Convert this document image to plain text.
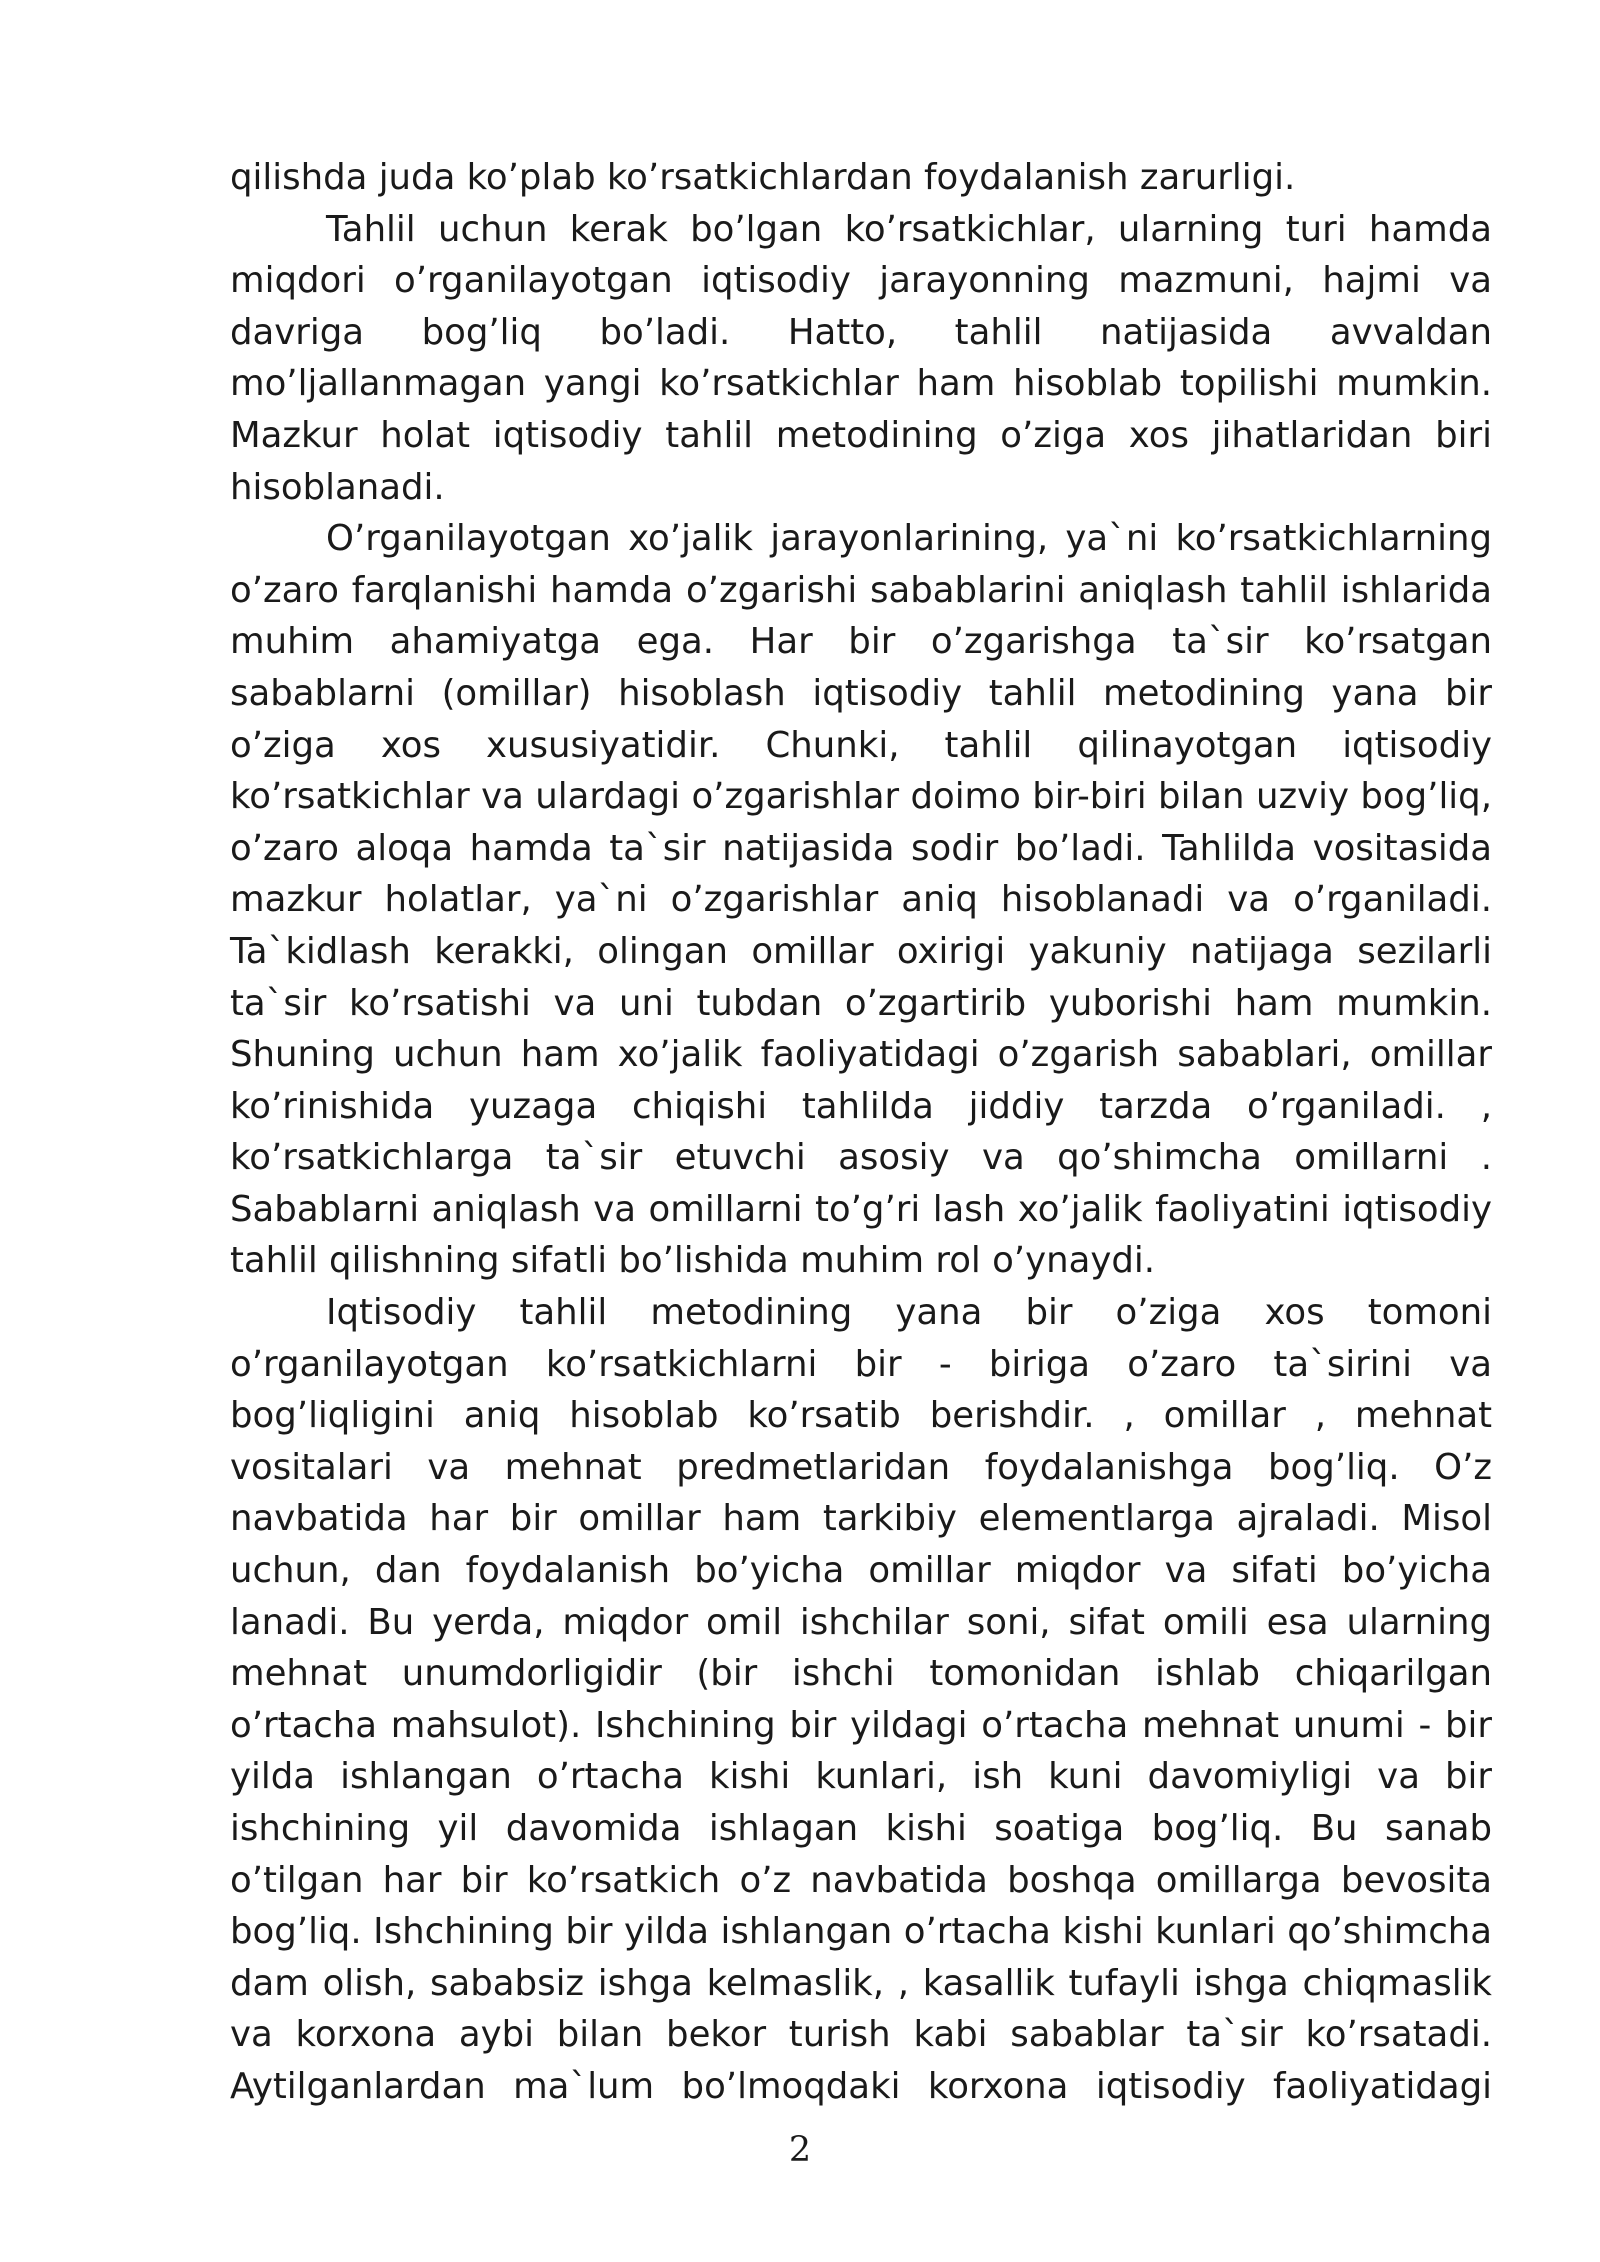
qilishda juda ko’plab ko’rsatkichlardan foydalanish zarurligi.

Tahlil uchun kerak bo’lgan ko’rsatkichlar, ularning turi hamda miqdori o’rganilayotgan iqtisodiy jarayonning mazmuni, hajmi va davriga bog’liq bo’ladi. Hatto, tahlil natijasida avvaldan mo’ljallanmagan yangi ko’rsatkichlar ham hisoblab topilishi mumkin. Mazkur holat iqtisodiy tahlil metodining o’ziga xos jihatlaridan biri hisoblanadi.

O’rganilayotgan xo’jalik jarayonlarining, ya`ni ko’rsatkichlarning o’zaro farqlanishi hamda o’zgarishi sabablarini aniqlash tahlil ishlarida muhim ahamiyatga ega. Har bir o’zgarishga ta`sir ko’rsatgan sabablarni (omillar) hisoblash iqtisodiy tahlil metodining yana bir o’ziga xos xususiyatidir. Chunki, tahlil qilinayotgan iqtisodiy ko’rsatkichlar va ulardagi o’zgarishlar doimo bir-biri bilan uzviy bog’liq, o’zaro aloqa hamda ta`sir natijasida sodir bo’ladi. Tahlilda vositasida mazkur holatlar, ya`ni o’zgarishlar aniq hisoblanadi va o’rganiladi. Ta`kidlash kerakki, olingan omillar oxirigi yakuniy natijaga sezilarli ta`sir ko’rsatishi va uni tubdan o’zgartirib yuborishi ham mumkin. Shuning uchun ham xo’jalik faoliyatidagi o’zgarish sabablari, omillar ko’rinishida yuzaga chiqishi tahlilda jiddiy tarzda o’rganiladi. , ko’rsatkichlarga ta`sir etuvchi asosiy va qo’shimcha omillarni . Sabablarni aniqlash va omillarni to’g’ri lash xo’jalik faoliyatini iqtisodiy tahlil qilishning sifatli bo’lishida muhim rol o’ynaydi.

Iqtisodiy tahlil metodining yana bir o’ziga xos tomoni o’rganilayotgan ko’rsatkichlarni bir - biriga o’zaro ta`sirini va bog’liqligini aniq hisoblab ko’rsatib berishdir. , omillar , mehnat vositalari va mehnat predmetlaridan foydalanishga bog’liq. O’z navbatida har bir omillar ham tarkibiy elementlarga ajraladi. Misol uchun, dan foydalanish bo’yicha omillar miqdor va sifati bo’yicha lanadi. Bu yerda, miqdor omil ishchilar soni, sifat omili esa ularning mehnat unumdorligidir (bir ishchi tomonidan ishlab chiqarilgan o’rtacha mahsulot). Ishchining bir yildagi o’rtacha mehnat unumi - bir yilda ishlangan o’rtacha kishi kunlari, ish kuni davomiyligi va bir ishchining yil davomida ishlagan kishi soatiga bog’liq. Bu sanab o’tilgan har bir ko’rsatkich o’z navbatida boshqa omillarga bevosita bog’liq. Ishchining bir yilda ishlangan o’rtacha kishi kunlari qo’shimcha dam olish, sababsiz ishga kelmaslik, , kasallik tufayli ishga chiqmaslik va korxona aybi bilan bekor turish kabi sabablar ta`sir ko’rsatadi. Aytilganlardan ma`lum bo’lmoqdaki korxona iqtisodiy faoliyatidagi

2
